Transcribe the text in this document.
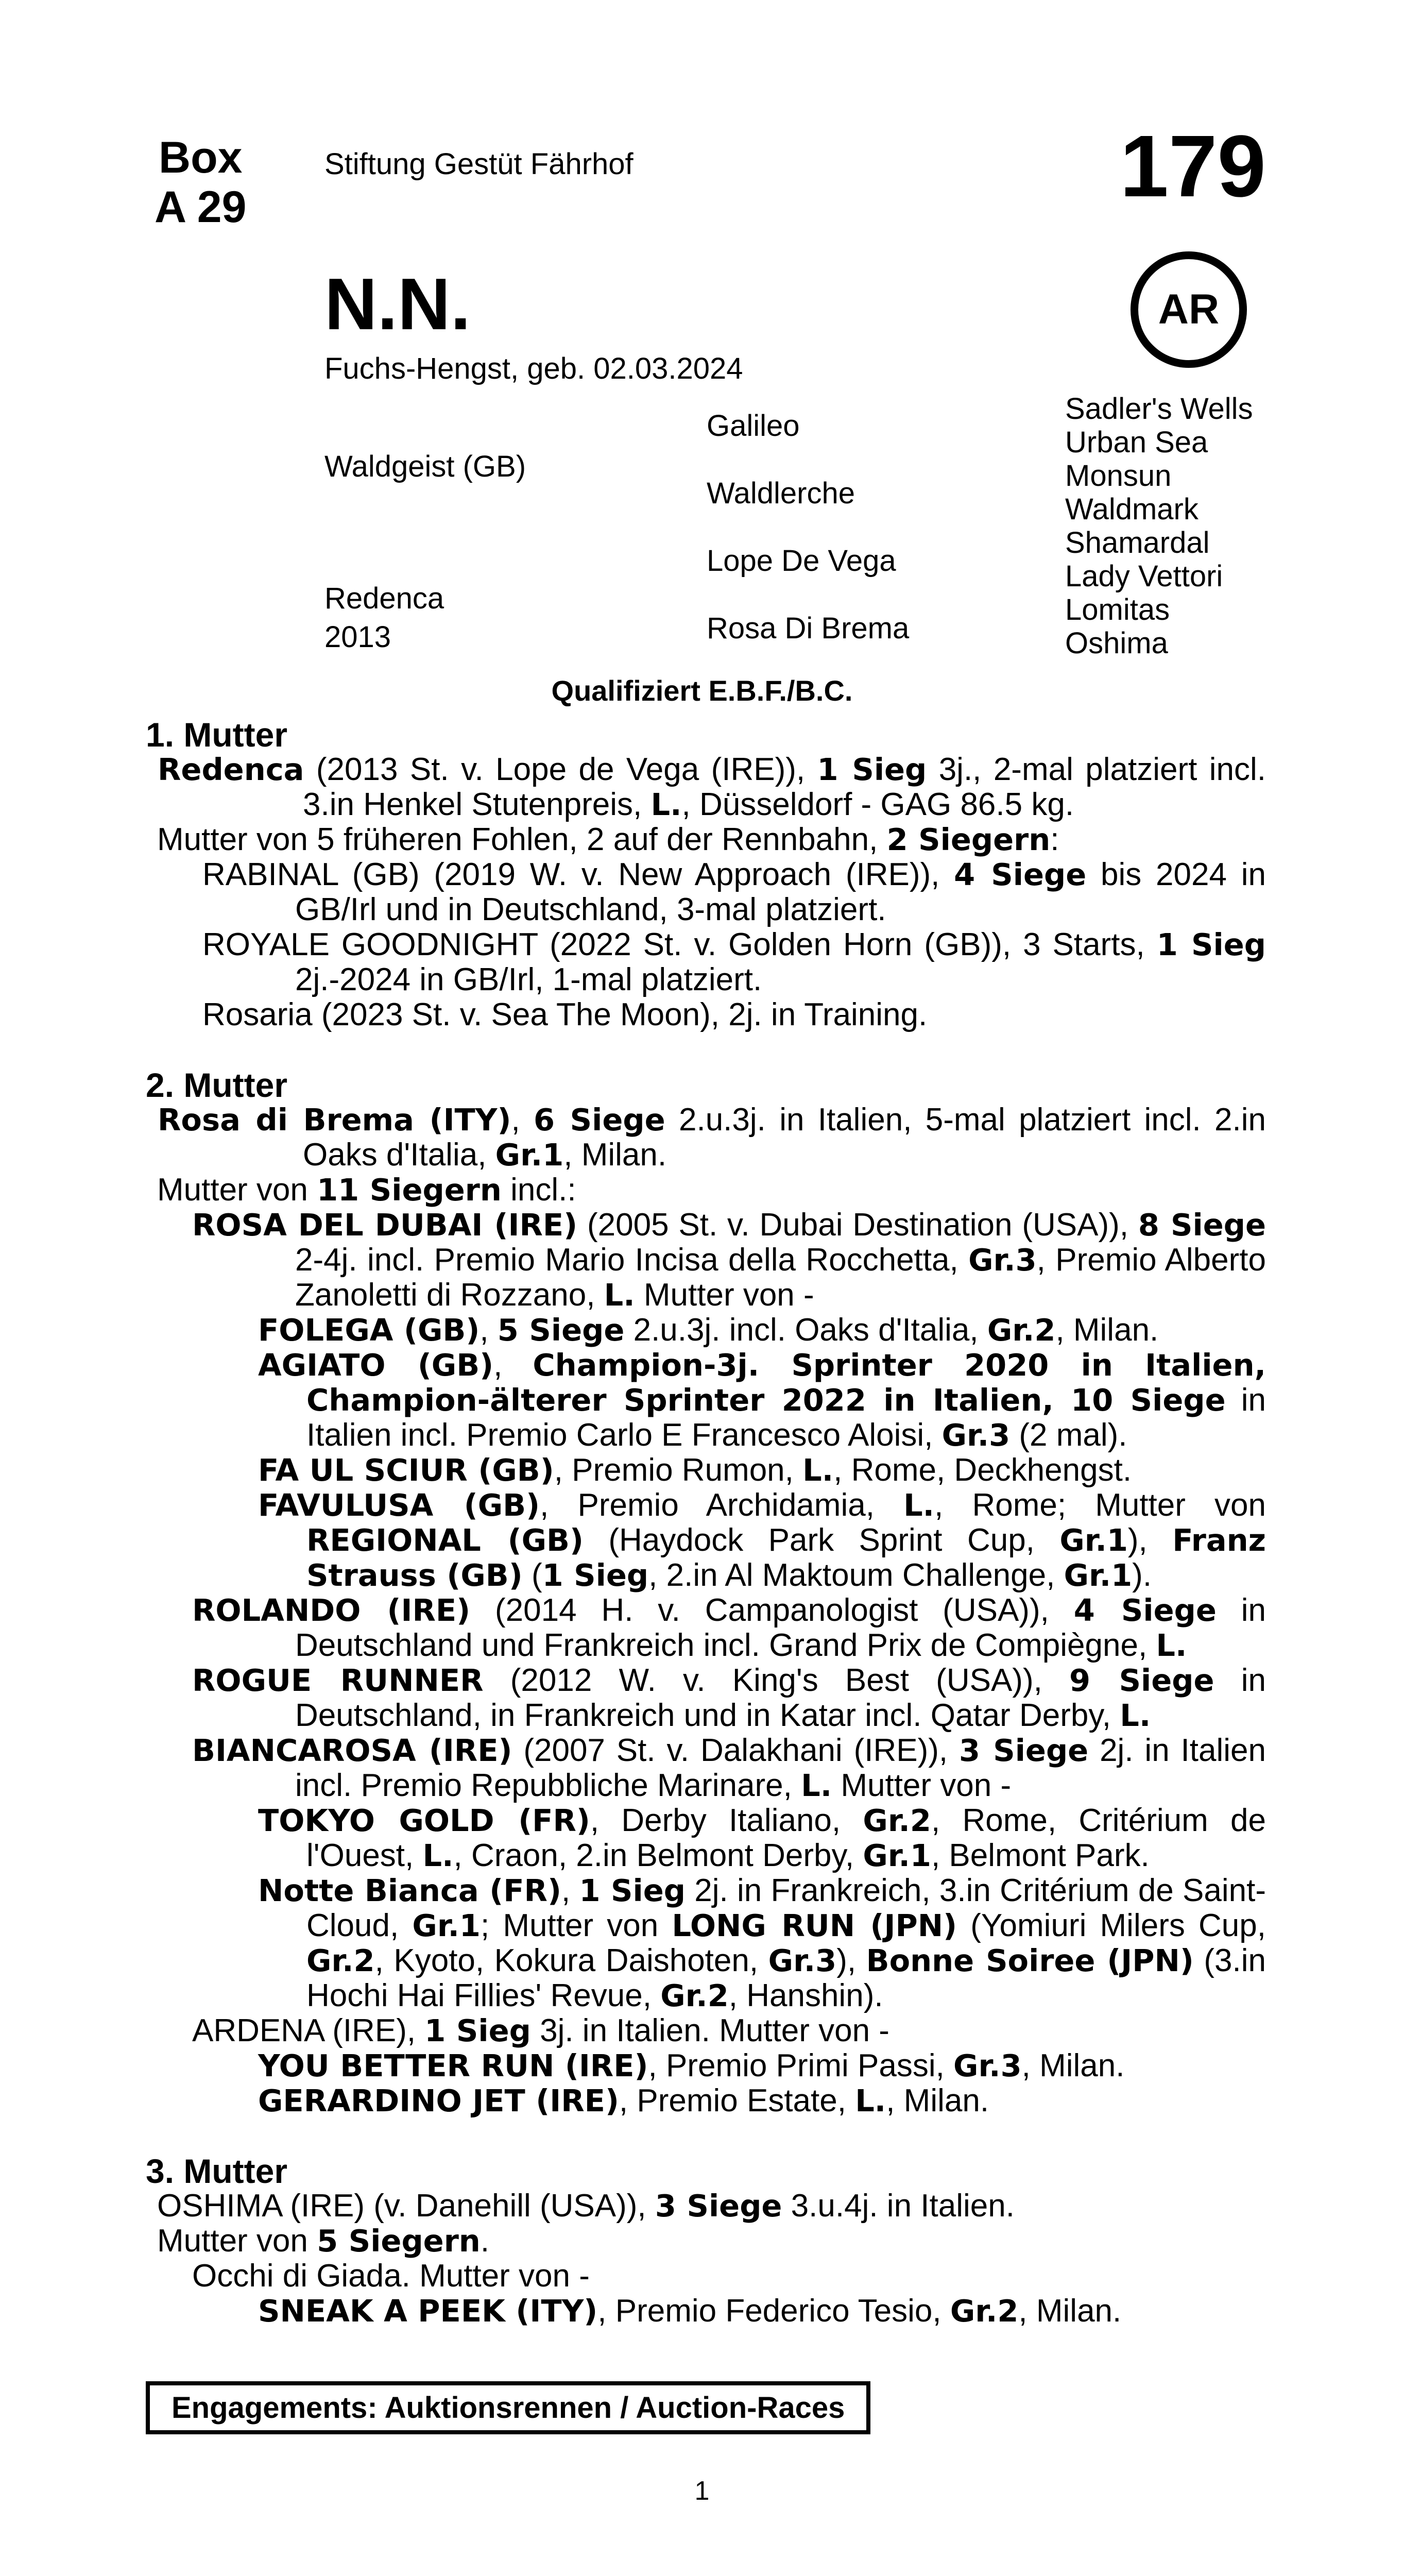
Box
A 29
Stiftung Gestüt Fährhof	179
AR
N.N.
Fuchs-Hengst, geb. 02.03.2024
Waldgeist (GB)
Redenca
2013
Galileo
Waldlerche
Lope De Vega
Rosa Di Brema
Sadler's Wells
Urban Sea
Monsun
Waldmark
Shamardal
Lady Vettori
Lomitas
Oshima
Qualifiziert E.B.F./B.C.

1. Mutter

Redenca (2013 St. v. Lope de Vega (IRE)), 1 Sieg 3j., 2-mal platziert incl. 3.in Henkel Stutenpreis, L., Düsseldorf - GAG 86.5 kg.

Mutter von 5 früheren Fohlen, 2 auf der Rennbahn, 2 Siegern:

RABINAL (GB) (2019 W. v. New Approach (IRE)), 4 Siege bis 2024 in GB/Irl und in Deutschland, 3-mal platziert.

ROYALE GOODNIGHT (2022 St. v. Golden Horn (GB)), 3 Starts, 1 Sieg 2j.-2024 in GB/Irl, 1-mal platziert.

Rosaria (2023 St. v. Sea The Moon), 2j. in Training.

2. Mutter

Rosa di Brema (ITY), 6 Siege 2.u.3j. in Italien, 5-mal platziert incl. 2.in Oaks d'Italia, Gr.1, Milan.

Mutter von 11 Siegern incl.:

ROSA DEL DUBAI (IRE) (2005 St. v. Dubai Destination (USA)), 8 Siege 2-4j. incl. Premio Mario Incisa della Rocchetta, Gr.3, Premio Alberto Zanoletti di Rozzano, L. Mutter von -

FOLEGA (GB), 5 Siege 2.u.3j. incl. Oaks d'Italia, Gr.2, Milan.

AGIATO (GB), Champion-3j. Sprinter 2020 in Italien, Champion-älterer Sprinter 2022 in Italien, 10 Siege in Italien incl. Premio Carlo E Francesco Aloisi, Gr.3 (2 mal).

FA UL SCIUR (GB), Premio Rumon, L., Rome, Deckhengst.

FAVULUSA (GB), Premio Archidamia, L., Rome; Mutter von REGIONAL (GB) (Haydock Park Sprint Cup, Gr.1), Franz Strauss (GB) (1 Sieg, 2.in Al Maktoum Challenge, Gr.1).

ROLANDO (IRE) (2014 H. v. Campanologist (USA)), 4 Siege in Deutschland und Frankreich incl. Grand Prix de Compiègne, L.

ROGUE RUNNER (2012 W. v. King's Best (USA)), 9 Siege in Deutschland, in Frankreich und in Katar incl. Qatar Derby, L.

BIANCAROSA (IRE) (2007 St. v. Dalakhani (IRE)), 3 Siege 2j. in Italien incl. Premio Repubbliche Marinare, L. Mutter von -

TOKYO GOLD (FR), Derby Italiano, Gr.2, Rome, Critérium de l'Ouest, L., Craon, 2.in Belmont Derby, Gr.1, Belmont Park.

Notte Bianca (FR), 1 Sieg 2j. in Frankreich, 3.in Critérium de Saint-Cloud, Gr.1; Mutter von LONG RUN (JPN) (Yomiuri Milers Cup, Gr.2, Kyoto, Kokura Daishoten, Gr.3), Bonne Soiree (JPN) (3.in Hochi Hai Fillies' Revue, Gr.2, Hanshin).

ARDENA (IRE), 1 Sieg 3j. in Italien. Mutter von -

YOU BETTER RUN (IRE), Premio Primi Passi, Gr.3, Milan.

GERARDINO JET (IRE), Premio Estate, L., Milan.

3. Mutter

OSHIMA (IRE) (v. Danehill (USA)), 3 Siege 3.u.4j. in Italien.

Mutter von 5 Siegern.

Occhi di Giada. Mutter von -

SNEAK A PEEK (ITY), Premio Federico Tesio, Gr.2, Milan.

Engagements: Auktionsrennen / Auction-Races
1
